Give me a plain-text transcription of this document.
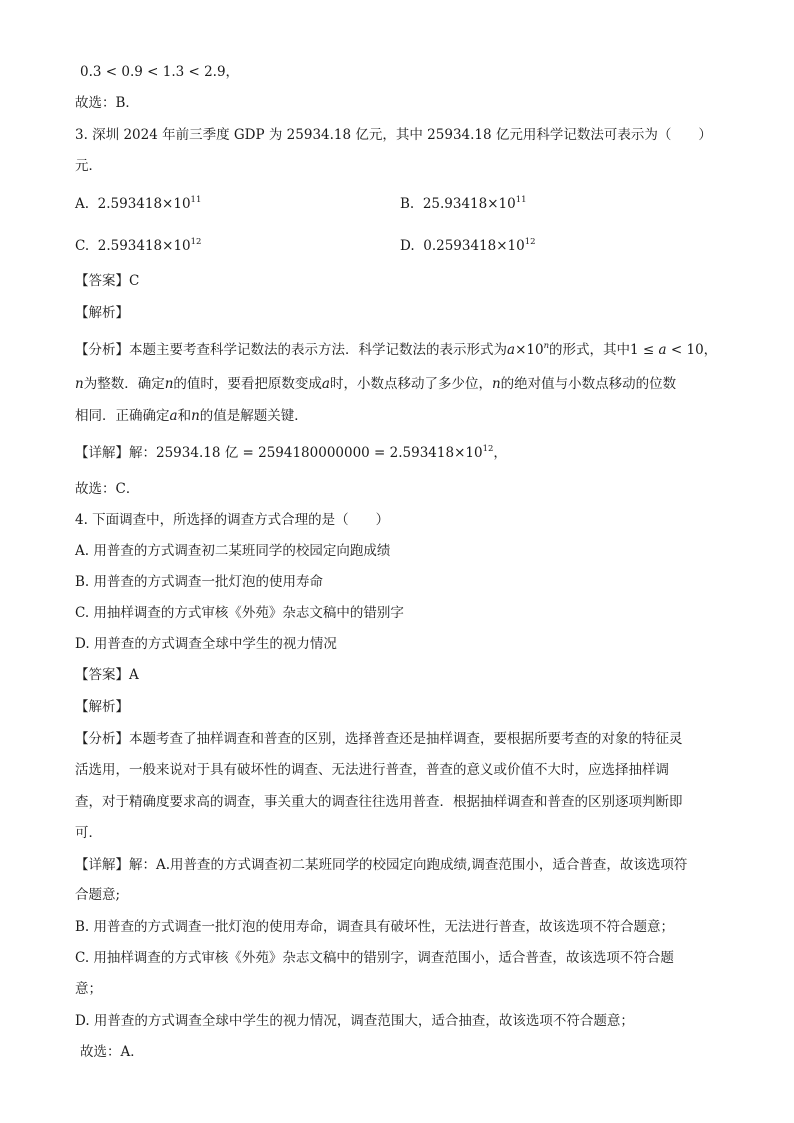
0.3 < 0.9 < 1.3 < 2.9，
故选：B．
3. 深圳 2024 年前三季度 GDP 为 25934.18 亿元，其中 25934.18 亿元用科学记数法可表示为（　　）
元．
A. $2.593418\times 10^{11}$	B. $25.93418\times 10^{11}$
C. $2.593418\times 10^{12}$	D. $0.2593418\times 10^{12}$
【答案】C
【解析】
【分析】本题主要考查科学记数法的表示方法．科学记数法的表示形式为$a\times 10^n$的形式，其中1 ≤ a < 10，
n为整数．确定n的值时，要看把原数变成a时，小数点移动了多少位，n的绝对值与小数点移动的位数
相同．正确确定a和n的值是解题关键．
【详解】解：25934.18 亿 = $2594180000000 = 2.593418\times 10^{12}$，
故选：C．
4. 下面调查中，所选择的调查方式合理的是（　　）
A. 用普查的方式调查初二某班同学的校园定向跑成绩
B. 用普查的方式调查一批灯泡的使用寿命
C. 用抽样调查的方式审核《外苑》杂志文稿中的错别字
D. 用普查的方式调查全球中学生的视力情况
【答案】A
【解析】
【分析】本题考查了抽样调查和普查的区别，选择普查还是抽样调查，要根据所要考查的对象的特征灵
活选用，一般来说对于具有破坏性的调查、无法进行普查，普查的意义或价值不大时，应选择抽样调
查，对于精确度要求高的调查，事关重大的调查往往选用普查．根据抽样调查和普查的区别逐项判断即
可．
【详解】解：A.用普查的方式调查初二某班同学的校园定向跑成绩,调查范围小，适合普查，故该选项符
合题意;
B. 用普查的方式调查一批灯泡的使用寿命，调查具有破坏性，无法进行普查，故该选项不符合题意；
C. 用抽样调查的方式审核《外苑》杂志文稿中的错别字，调查范围小，适合普查，故该选项不符合题
意；
D. 用普查的方式调查全球中学生的视力情况，调查范围大，适合抽查，故该选项不符合题意；
故选：A．
